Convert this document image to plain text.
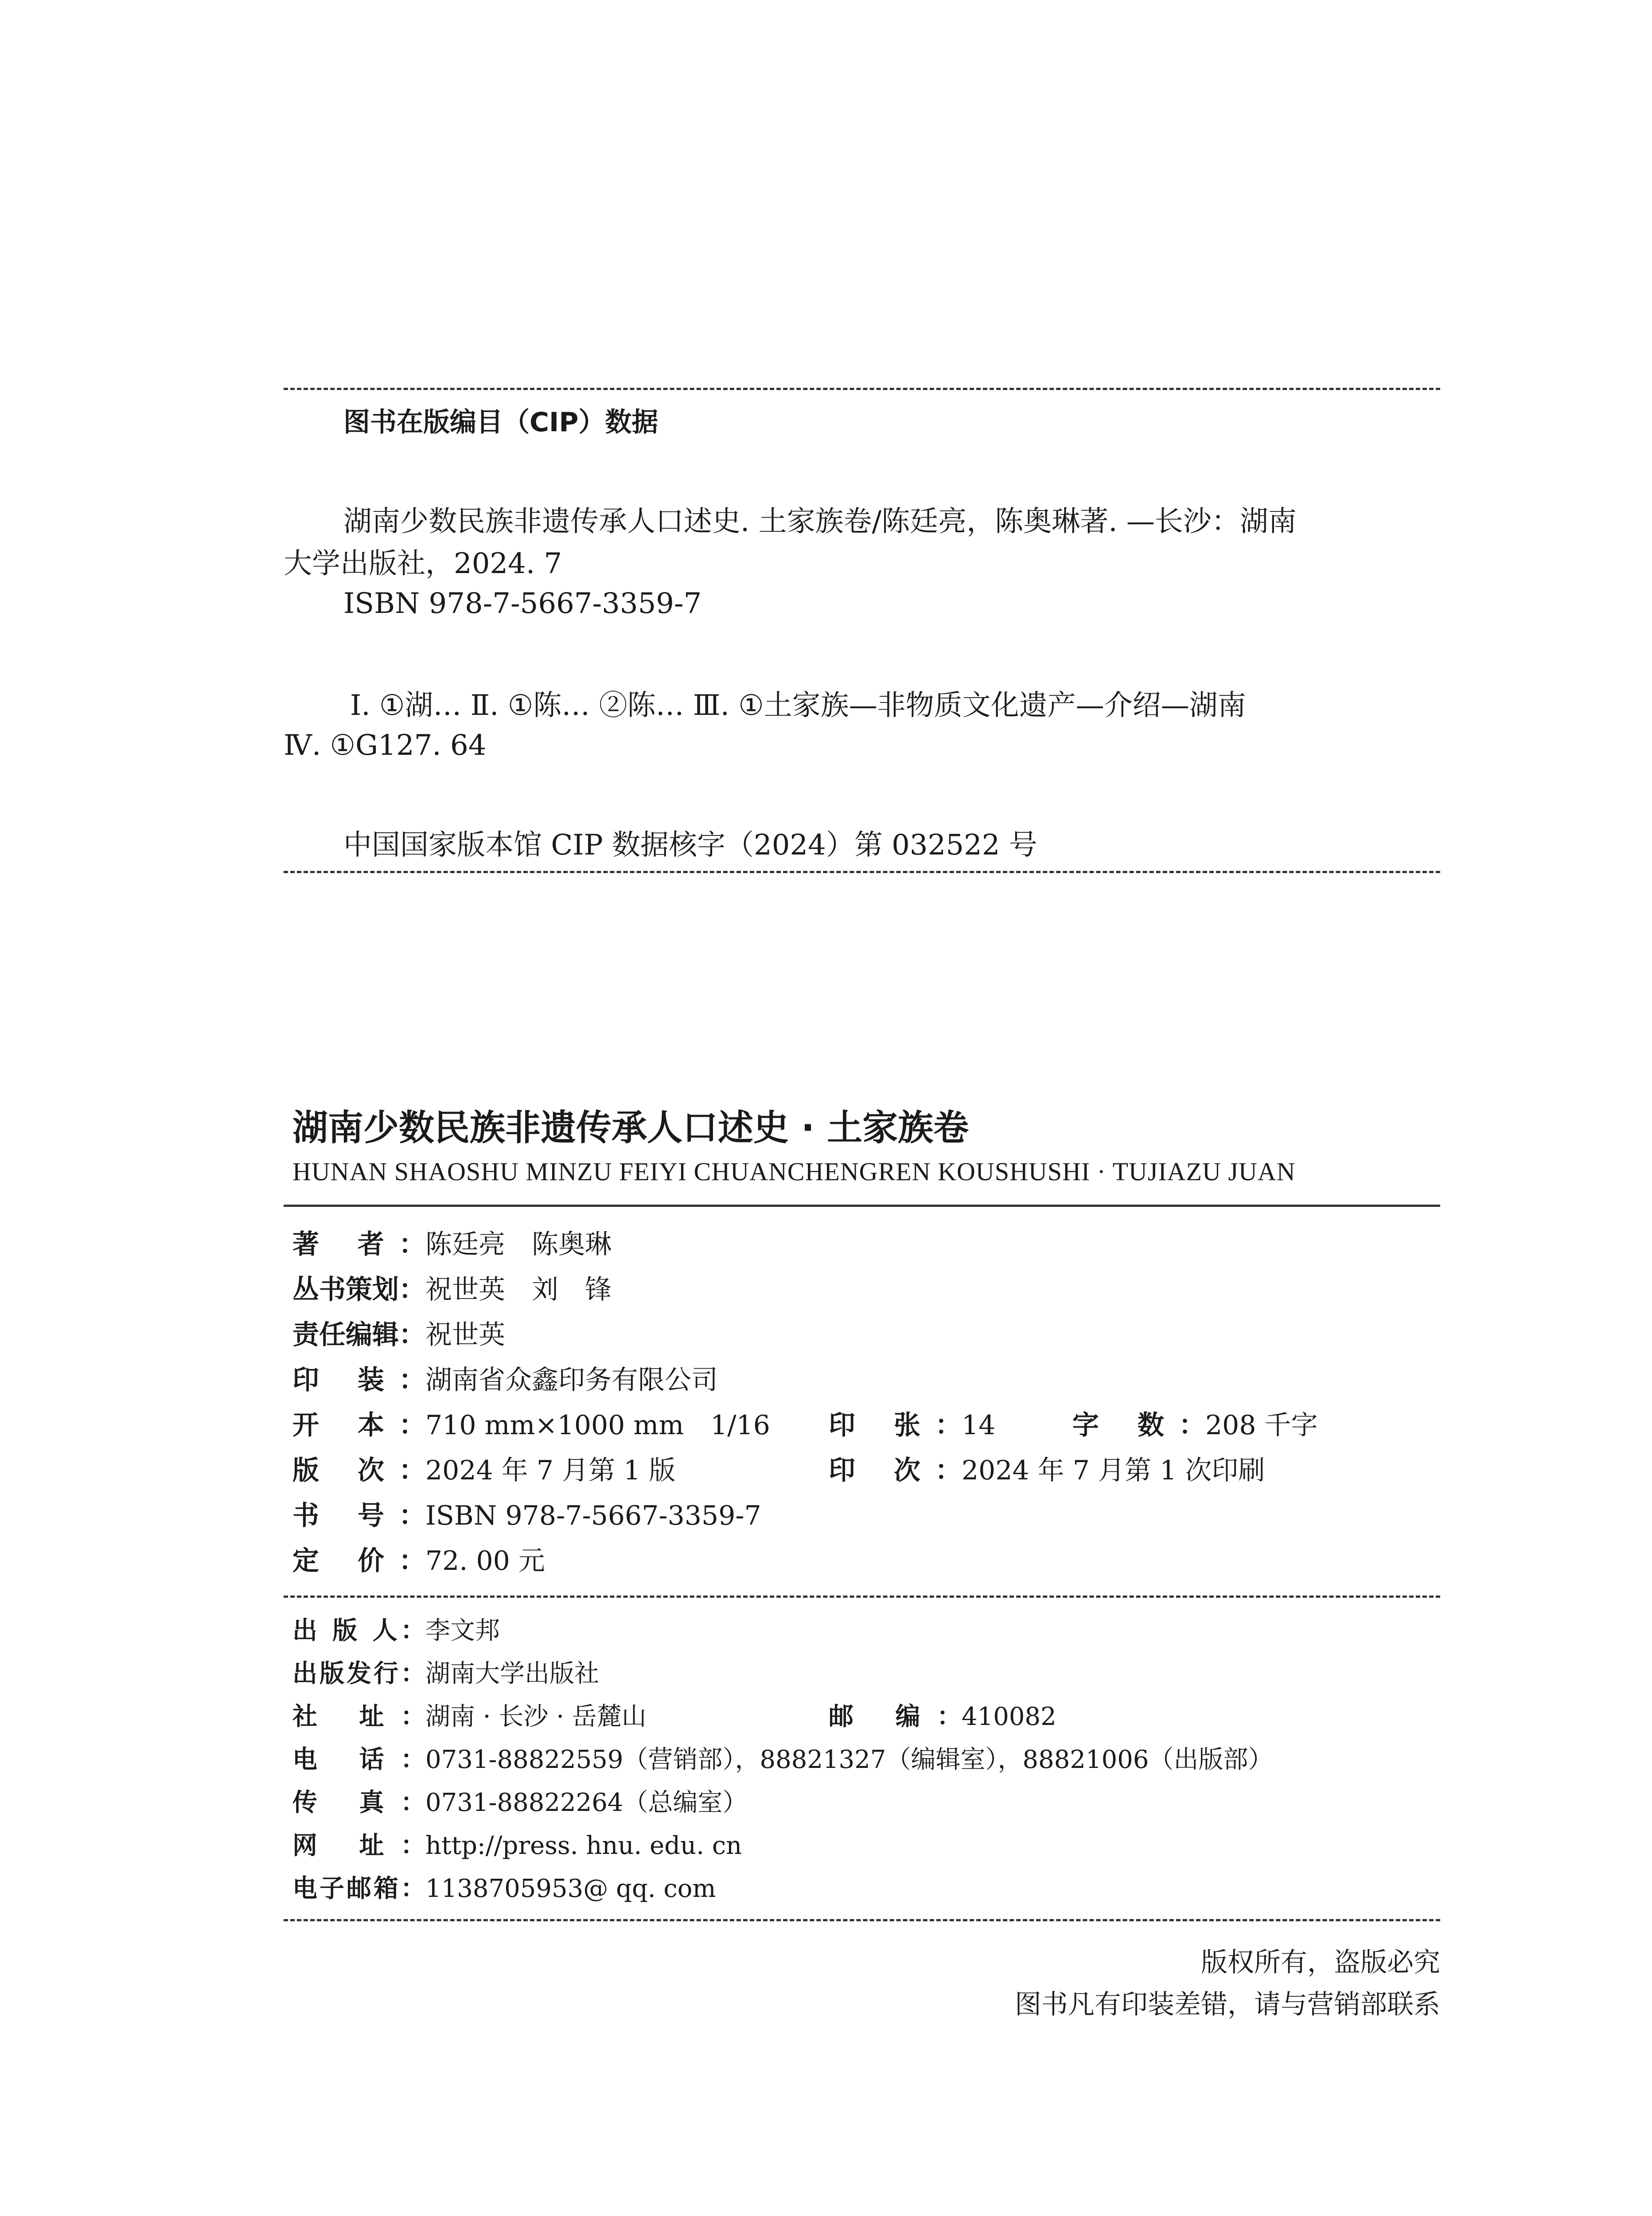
图书在版编目（CIP）数据
湖南少数民族非遗传承人口述史. 土家族卷/陈廷亮，陈奥琳著. —长沙：湖南
大学出版社，2024. 7
ISBN 978-7-5667-3359-7
Ⅰ. ①湖… Ⅱ. ①陈… ②陈… Ⅲ. ①土家族—非物质文化遗产—介绍—湖南
Ⅳ. ①G127. 64
中国国家版本馆 CIP 数据核字（2024）第 032522 号
湖南少数民族非遗传承人口述史 · 土家族卷
HUNAN SHAOSHU MINZU FEIYI CHUANCHENGREN KOUSHUSHI · TUJIAZU JUAN
著 者：陈廷亮　陈奥琳
丛书策划：祝世英　刘　锋
责任编辑：祝世英
印 装：湖南省众鑫印务有限公司
开 本：710 mm×1000 mm　1/16 印 张：14	字 数：208 千字
版 次：2024 年 7 月第 1 版	印 次：2024 年 7 月第 1 次印刷
书 号：ISBN 978-7-5667-3359-7
定 价：72. 00 元
出 版 人：李文邦
出版发行：湖南大学出版社
社 址：湖南 · 长沙 · 岳麓山	邮 编：410082
电 话：0731-88822559（营销部），88821327（编辑室），88821006（出版部）
传 真：0731-88822264（总编室）
网 址：http://press. hnu. edu. cn
电子邮箱：1138705953@ qq. com
版权所有，盗版必究
图书凡有印装差错，请与营销部联系
